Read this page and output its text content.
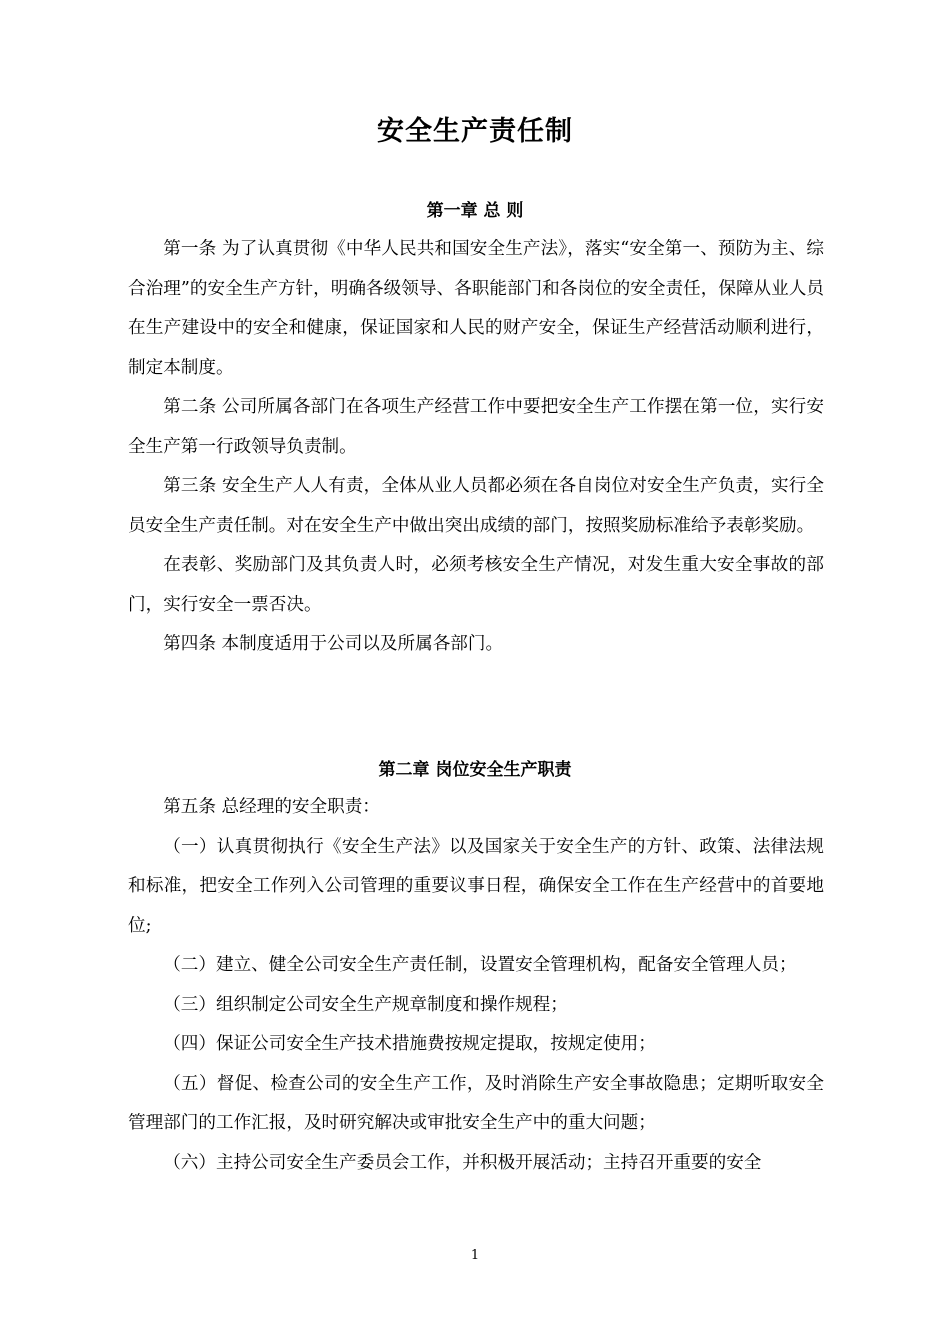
安全生产责任制
第一章 总 则

第一条 为了认真贯彻《中华人民共和国安全生产法》，落实“安全第一、预防为主、综合治理”的安全生产方针，明确各级领导、各职能部门和各岗位的安全责任，保障从业人员在生产建设中的安全和健康，保证国家和人民的财产安全，保证生产经营活动顺利进行，制定本制度。

第二条 公司所属各部门在各项生产经营工作中要把安全生产工作摆在第一位，实行安全生产第一行政领导负责制。

第三条 安全生产人人有责，全体从业人员都必须在各自岗位对安全生产负责，实行全员安全生产责任制。对在安全生产中做出突出成绩的部门，按照奖励标准给予表彰奖励。

在表彰、奖励部门及其负责人时，必须考核安全生产情况，对发生重大安全事故的部门，实行安全一票否决。

第四条 本制度适用于公司以及所属各部门。

第二章 岗位安全生产职责

第五条 总经理的安全职责：

（一）认真贯彻执行《安全生产法》以及国家关于安全生产的方针、政策、法律法规和标准，把安全工作列入公司管理的重要议事日程，确保安全工作在生产经营中的首要地位;

（二）建立、健全公司安全生产责任制，设置安全管理机构，配备安全管理人员；

（三）组织制定公司安全生产规章制度和操作规程；

（四）保证公司安全生产技术措施费按规定提取，按规定使用；

（五）督促、检查公司的安全生产工作，及时消除生产安全事故隐患；定期听取安全管理部门的工作汇报，及时研究解决或审批安全生产中的重大问题；

（六）主持公司安全生产委员会工作，并积极开展活动；主持召开重要的安全

1
